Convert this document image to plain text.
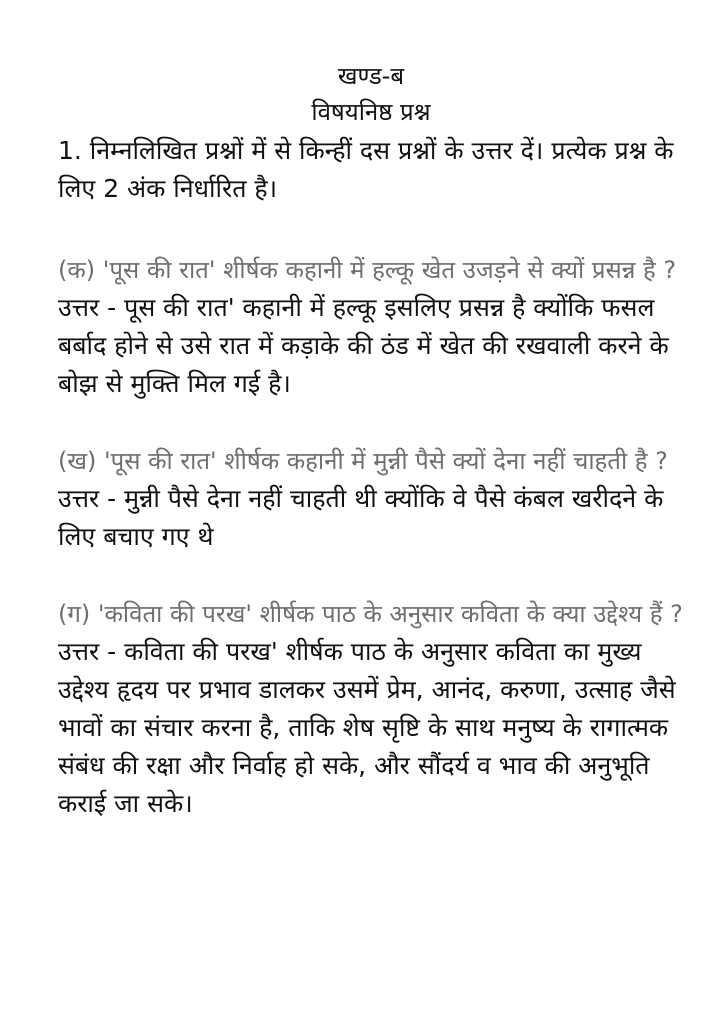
खण्ड-ब
विषयनिष्ठ प्रश्न

1. निम्नलिखित प्रश्नों में से किन्हीं दस प्रश्नों के उत्तर दें। प्रत्येक प्रश्न के लिए 2 अंक निर्धारित है।

(क) 'पूस की रात' शीर्षक कहानी में हल्कू खेत उजड़ने से क्यों प्रसन्न है ?

उत्तर - पूस की रात' कहानी में हल्कू इसलिए प्रसन्न है क्योंकि फसल बर्बाद होने से उसे रात में कड़ाके की ठंड में खेत की रखवाली करने के बोझ से मुक्ति मिल गई है।

(ख) 'पूस की रात' शीर्षक कहानी में मुन्नी पैसे क्यों देना नहीं चाहती है ?

उत्तर - मुन्नी पैसे देना नहीं चाहती थी क्योंकि वे पैसे कंबल खरीदने के लिए बचाए गए थे

(ग) 'कविता की परख' शीर्षक पाठ के अनुसार कविता के क्या उद्देश्य हैं ?

उत्तर - कविता की परख' शीर्षक पाठ के अनुसार कविता का मुख्य उद्देश्य हृदय पर प्रभाव डालकर उसमें प्रेम, आनंद, करुणा, उत्साह जैसे भावों का संचार करना है, ताकि शेष सृष्टि के साथ मनुष्य के रागात्मक संबंध की रक्षा और निर्वाह हो सके, और सौंदर्य व भाव की अनुभूति कराई जा सके।
